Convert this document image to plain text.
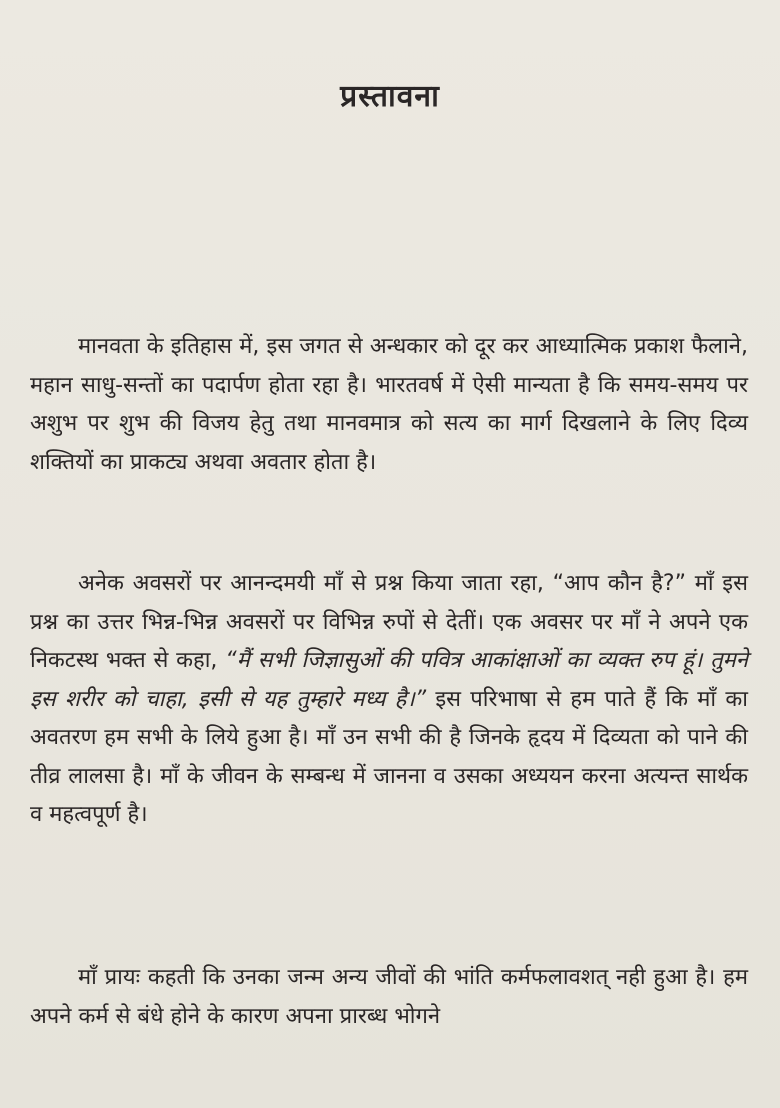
प्रस्तावना

मानवता के इतिहास में, इस जगत से अन्धकार को दूर कर आध्यात्मिक प्रकाश फैलाने, महान साधु-सन्तों का पदार्पण होता रहा है। भारतवर्ष में ऐसी मान्यता है कि समय-समय पर अशुभ पर शुभ की विजय हेतु तथा मानवमात्र को सत्य का मार्ग दिखलाने के लिए दिव्य शक्तियों का प्राकट्य अथवा अवतार होता है।

अनेक अवसरों पर आनन्दमयी माँ से प्रश्न किया जाता रहा, “आप कौन है?” माँ इस प्रश्न का उत्तर भिन्न-भिन्न अवसरों पर विभिन्न रुपों से देतीं। एक अवसर पर माँ ने अपने एक निकटस्थ भक्त से कहा, “मैं सभी जिज्ञासुओं की पवित्र आकांक्षाओं का व्यक्त रुप हूं। तुमने इस शरीर को चाहा, इसी से यह तुम्हारे मध्य है।” इस परिभाषा से हम पाते हैं कि माँ का अवतरण हम सभी के लिये हुआ है। माँ उन सभी की है जिनके हृदय में दिव्यता को पाने की तीव्र लालसा है। माँ के जीवन के सम्बन्ध में जानना व उसका अध्ययन करना अत्यन्त सार्थक व महत्वपूर्ण है।

माँ प्रायः कहती कि उनका जन्म अन्य जीवों की भांति कर्मफलावशत् नही हुआ है। हम अपने कर्म से बंधे होने के कारण अपना प्रारब्ध भोगने
